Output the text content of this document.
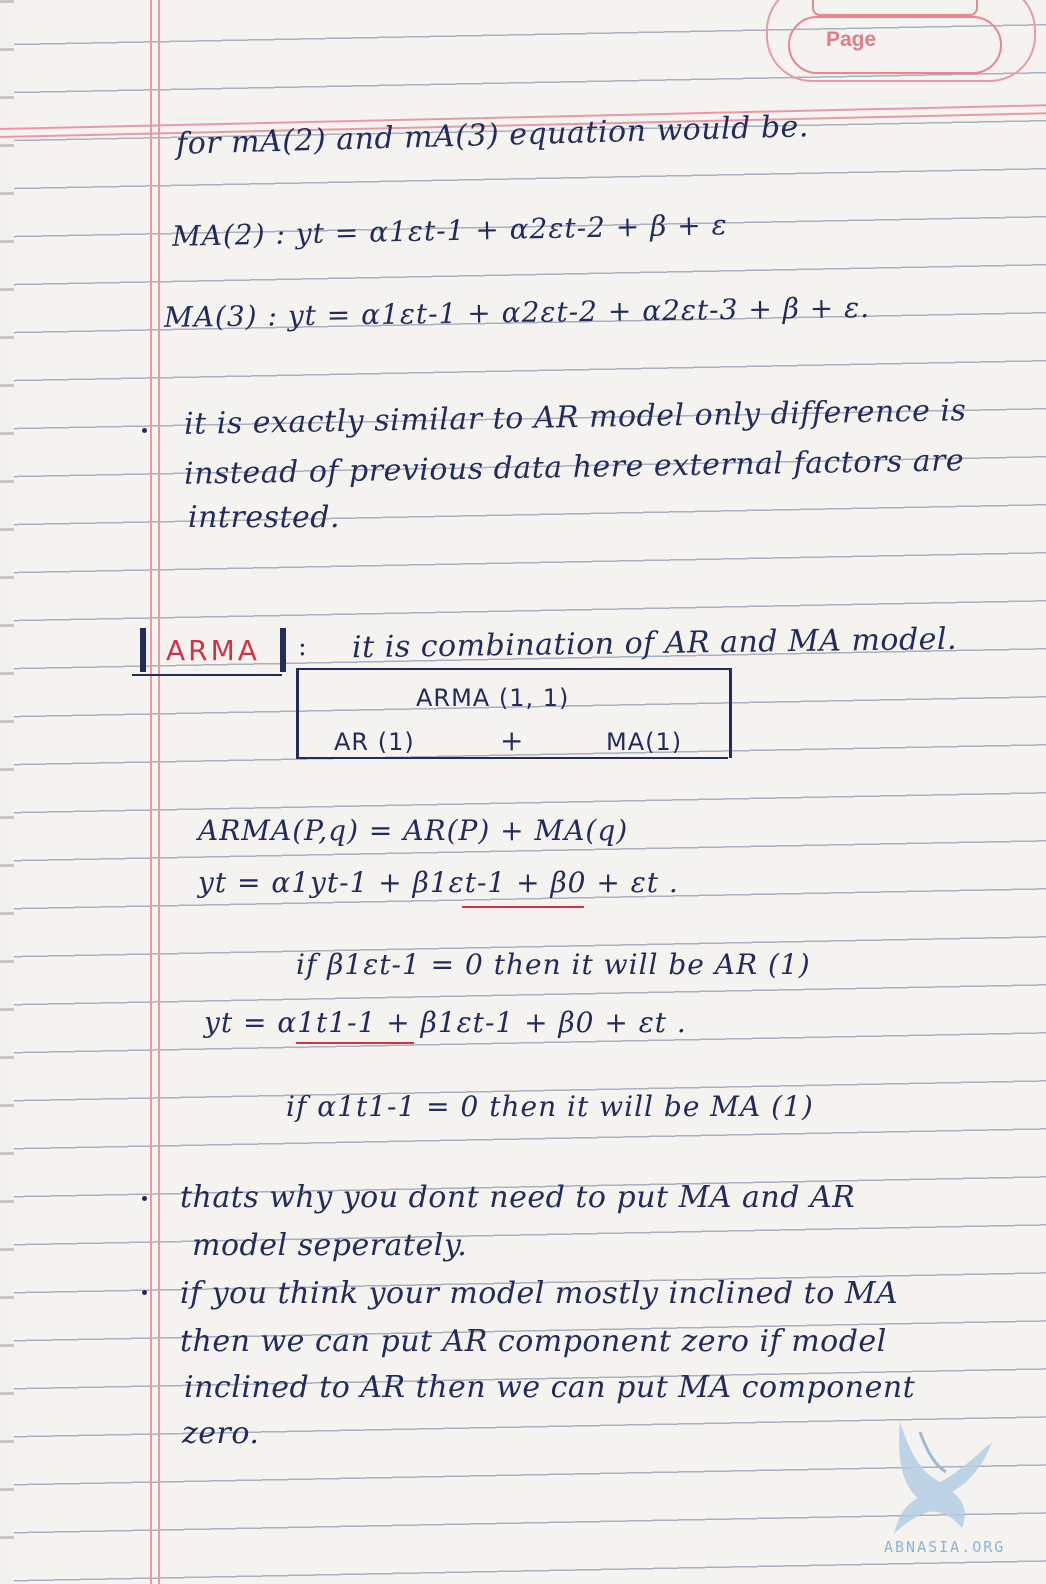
Page
for mA(2) and mA(3) equation would be.
MA(2) : yt = α1εt-1 + α2εt-2 + β + ε
MA(3) : yt = α1εt-1 + α2εt-2 + α2εt-3 + β + ε.
it is exactly similar to AR model only difference is
instead of previous data here external factors are
intrested.
ARMA : it is combination of AR and MA model.
ARMA (1, 1)
AR (1)	+	MA(1)
ARMA(P,q) = AR(P) + MA(q)
yt = α1yt-1 + β1εt-1 + β0 + εt .
if β1εt-1 = 0 then it will be AR (1)
yt = α1t1-1 + β1εt-1 + β0 + εt .
if α1t1-1 = 0 then it will be MA (1)
thats why you dont need to put MA and AR
model seperately.
if you think your model mostly inclined to MA
then we can put AR component zero if model
inclined to AR then we can put MA component
zero.
ABNASIA.ORG
